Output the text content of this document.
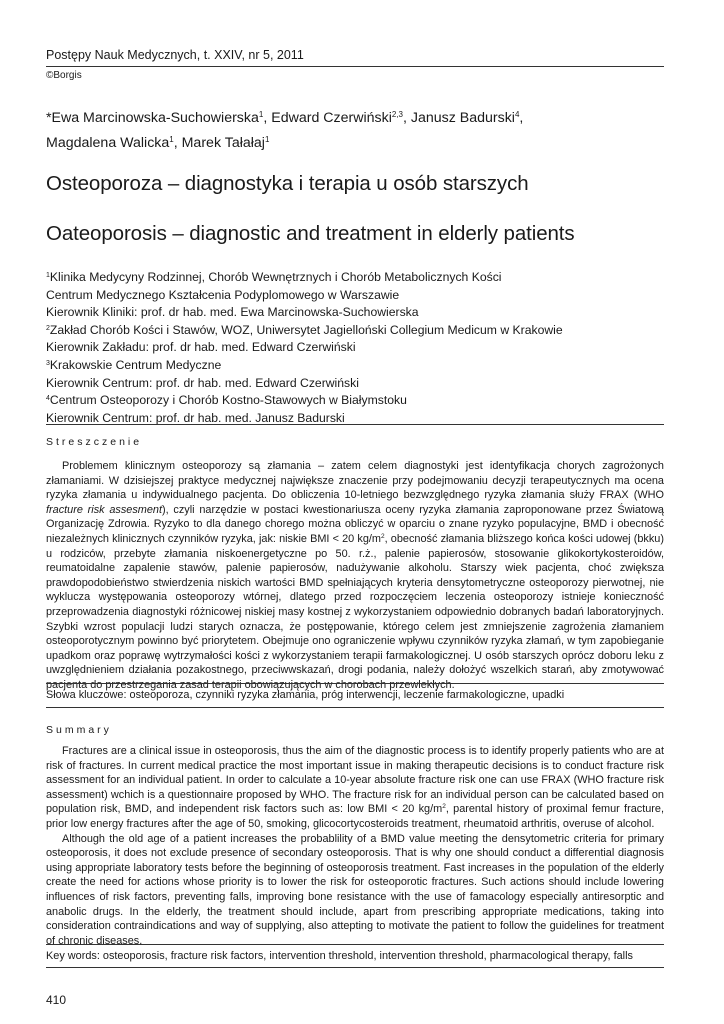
Postępy Nauk Medycznych, t. XXIV, nr 5, 2011
©Borgis
*Ewa Marcinowska-Suchowierska$^1$, Edward Czerwiński$^{2,3}$, Janusz Badurski$^4$,
Magdalena Walicka$^1$, Marek Tałałaj$^1$
Osteoporoza – diagnostyka i terapia u osób starszych
Oateoporosis – diagnostic and treatment in elderly patients
$^1$Klinika Medycyny Rodzinnej, Chorób Wewnętrznych i Chorób Metabolicznych Kości
Centrum Medycznego Kształcenia Podyplomowego w Warszawie
Kierownik Kliniki: prof. dr hab. med. Ewa Marcinowska-Suchowierska
$^2$Zakład Chorób Kości i Stawów, WOZ, Uniwersytet Jagielloński Collegium Medicum w Krakowie
Kierownik Zakładu: prof. dr hab. med. Edward Czerwiński
$^3$Krakowskie Centrum Medyczne
Kierownik Centrum: prof. dr hab. med. Edward Czerwiński
$^4$Centrum Osteoporozy i Chorób Kostno-Stawowych w Białymstoku
Kierownik Centrum: prof. dr hab. med. Janusz Badurski
Streszczenie

Problemem klinicznym osteoporozy są złamania – zatem celem diagnostyki jest identyfikacja chorych zagrożonych złamaniami. W dzisiejszej praktyce medycznej największe znaczenie przy podejmowaniu decyzji terapeutycznych ma ocena ryzyka złamania u indywidualnego pacjenta. Do obliczenia 10-letniego bezwzględnego ryzyka złamania służy FRAX (WHO fracture risk assesment), czyli narzędzie w postaci kwestionariusza oceny ryzyka złamania zaproponowane przez Światową Organizację Zdrowia. Ryzyko to dla danego chorego można obliczyć w oparciu o znane ryzyko populacyjne, BMD i obecność niezależnych klinicznych czynników ryzyka, jak: niskie BMI < 20 $kg/m^2$, obecność złamania bliższego końca kości udowej (bkku) u rodziców, przebyte złamania niskoenergetyczne po 50. r.ż., palenie papierosów, stosowanie glikokortykosteroidów, reumatoidalne zapalenie stawów, palenie papierosów, nadużywanie alkoholu. Starszy wiek pacjenta, choć zwiększa prawdopodobieństwo stwierdzenia niskich wartości BMD spełniających kryteria densytometryczne osteoporozy pierwotnej, nie wyklucza występowania osteoporozy wtórnej, dlatego przed rozpoczęciem leczenia osteoporozy istnieje konieczność przeprowadzenia diagnostyki różnicowej niskiej masy kostnej z wykorzystaniem odpowiednio dobranych badań laboratoryjnych. Szybki wzrost populacji ludzi starych oznacza, że postępowanie, którego celem jest zmniejszenie zagrożenia złamaniem osteoporotycznym powinno być priorytetem. Obejmuje ono ograniczenie wpływu czynników ryzyka złamań, w tym zapobieganie upadkom oraz poprawę wytrzymałości kości z wykorzystaniem terapii farmakologicznej. U osób starszych oprócz doboru leku z uwzględnieniem działania pozakostnego, przeciwwskazań, drogi podania, należy dołożyć wszelkich starań, aby zmotywować pacjenta do przestrzegania zasad terapii obowiązujących w chorobach przewlekłych.

Słowa kluczowe: osteoporoza, czynniki ryzyka złamania, próg interwencji, leczenie farmakologiczne, upadki
Summary

Fractures are a clinical issue in osteoporosis, thus the aim of the diagnostic process is to identify properly patients who are at risk of fractures. In current medical practice the most important issue in making therapeutic decisions is to conduct fracture risk assessment for an individual patient. In order to calculate a 10-year absolute fracture risk one can use FRAX (WHO fracture risk assessment) wchich is a questionnaire proposed by WHO. The fracture risk for an individual person can be calculated based on population risk, BMD, and independent risk factors such as: low BMI < 20 $kg/m^2$, parental history of proximal femur fracture, prior low energy fractures after the age of 50, smoking, glicocortycosteroids treatment, rheumatoid arthritis, overuse of alcohol.

Although the old age of a patient increases the probablility of a BMD value meeting the densytometric criteria for primary osteoporosis, it does not exclude presence of secondary osteoporosis. That is why one should conduct a differential diagnosis using appropriate laboratory tests before the beginning of osteoporosis treatment. Fast increases in the population of the elderly create the need for actions whose priority is to lower the risk for osteoporotic fractures. Such actions should include lowering influences of risk factors, preventing falls, improving bone resistance with the use of famacology especially antiresorptic and anabolic drugs. In the elderly, the treatment should include, apart from prescribing appropriate medications, taking into consideration contraindications and way of supplying, also attepting to motivate the patient to follow the guidelines for treatment of chronic diseases.

Key words: osteoporosis, fracture risk factors, intervention threshold, intervention threshold, pharmacological therapy, falls
410
